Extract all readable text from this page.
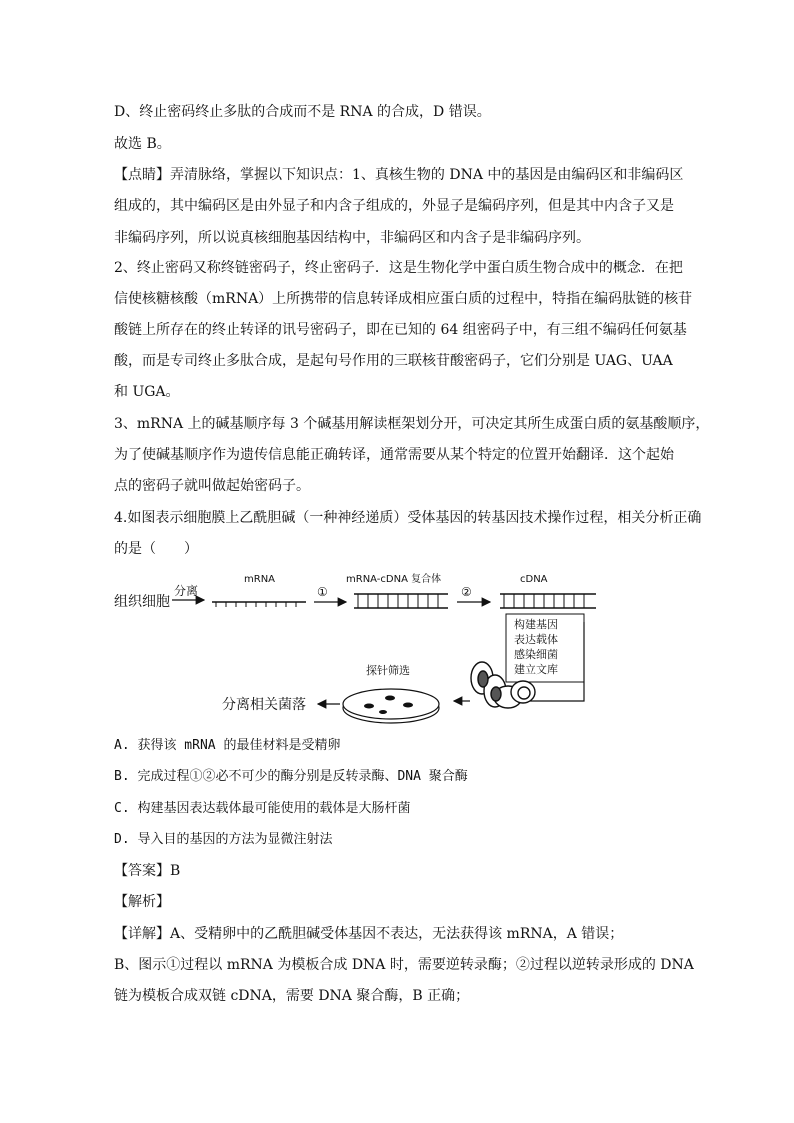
D、终止密码终止多肽的合成而不是 RNA 的合成，D 错误。
故选 B。
【点睛】弄清脉络，掌握以下知识点：1、真核生物的 DNA 中的基因是由编码区和非编码区
组成的，其中编码区是由外显子和内含子组成的，外显子是编码序列，但是其中内含子又是
非编码序列，所以说真核细胞基因结构中，非编码区和内含子是非编码序列。
2、终止密码又称终链密码子，终止密码子．这是生物化学中蛋白质生物合成中的概念．在把
信使核糖核酸（mRNA）上所携带的信息转译成相应蛋白质的过程中，特指在编码肽链的核苷
酸链上所存在的终止转译的讯号密码子，即在已知的 64 组密码子中，有三组不编码任何氨基
酸，而是专司终止多肽合成，是起句号作用的三联核苷酸密码子，它们分别是 UAG、UAA
和 UGA。
3、mRNA 上的碱基顺序每 3 个碱基用解读框架划分开，可决定其所生成蛋白质的氨基酸顺序，
为了使碱基顺序作为遗传信息能正确转译，通常需要从某个特定的位置开始翻译．这个起始
点的密码子就叫做起始密码子。
4.如图表示细胞膜上乙酰胆碱（一种神经递质）受体基因的转基因技术操作过程，相关分析正确
的是（　　）
组织细胞
分离
mRNA
①
mRNA-cDNA 复合体
②
cDNA
构建基因
表达载体
感染细菌
建立文库
探针筛选
分离相关菌落
A. 获得该 mRNA 的最佳材料是受精卵
B. 完成过程①②必不可少的酶分别是反转录酶、DNA 聚合酶
C. 构建基因表达载体最可能使用的载体是大肠杆菌
D. 导入目的基因的方法为显微注射法
【答案】B
【解析】
【详解】A、受精卵中的乙酰胆碱受体基因不表达，无法获得该 mRNA，A 错误；
B、图示①过程以 mRNA 为模板合成 DNA 时，需要逆转录酶；②过程以逆转录形成的 DNA
链为模板合成双链 cDNA，需要 DNA 聚合酶，B 正确；
